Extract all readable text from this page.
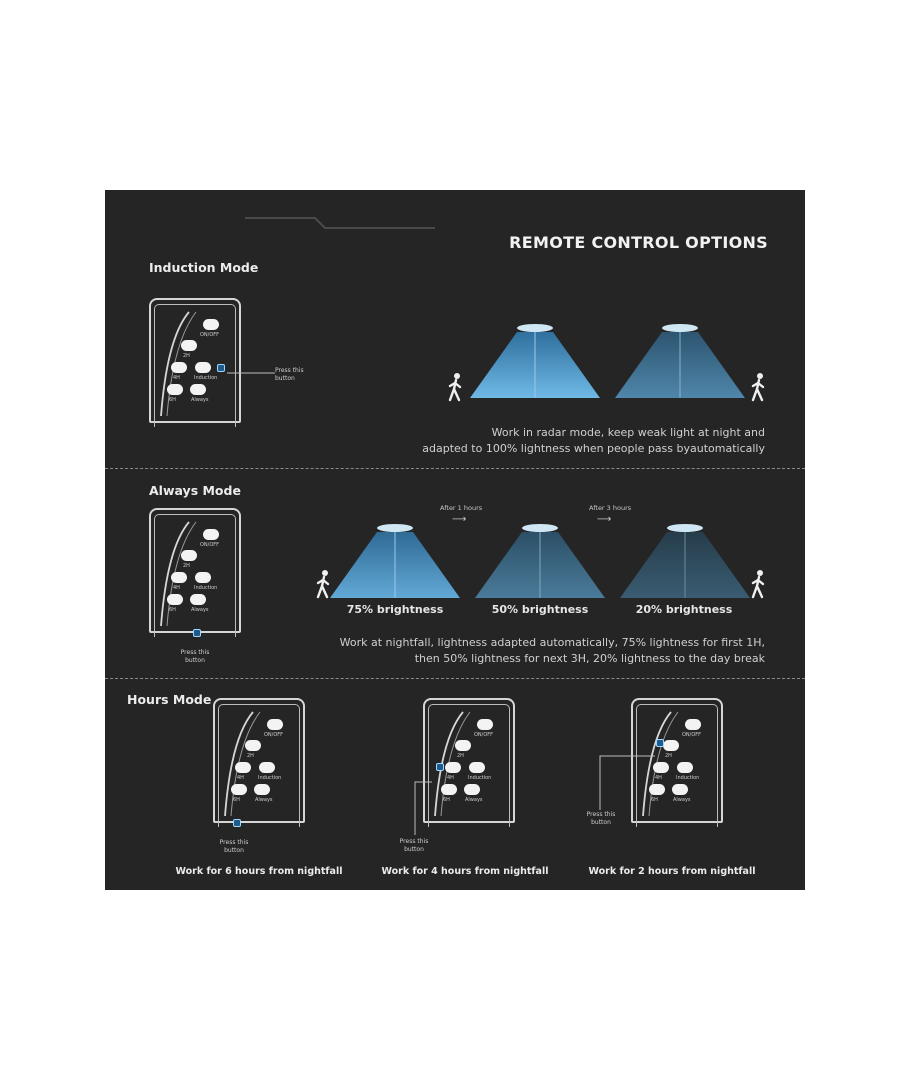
REMOTE CONTROL OPTIONS
Induction Mode
ON/OFF
2H
4H	Induction
6H	Always
Press this
button
Work in radar mode, keep weak light at night and
adapted to 100% lightness when people pass byautomatically
Always Mode
ON/OFF
2H
4H	Induction
6H	Always
Press this
button
After 1 hours
⟶
After 3 hours
⟶
75% brightness	50% brightness	20% brightness
Work at nightfall, lightness adapted automatically, 75% lightness for first 1H,
then 50% lightness for next 3H, 20% lightness to the day break
Hours Mode
ON/OFF
2H
4H	Induction
6H	Always
Press this
button
ON/OFF
2H
4H	Induction
6H	Always
Press this
button
ON/OFF
2H
4H	Induction
6H	Always
Press this
button
Work for 6 hours from nightfall	Work for 4 hours from nightfall	Work for 2 hours from nightfall
